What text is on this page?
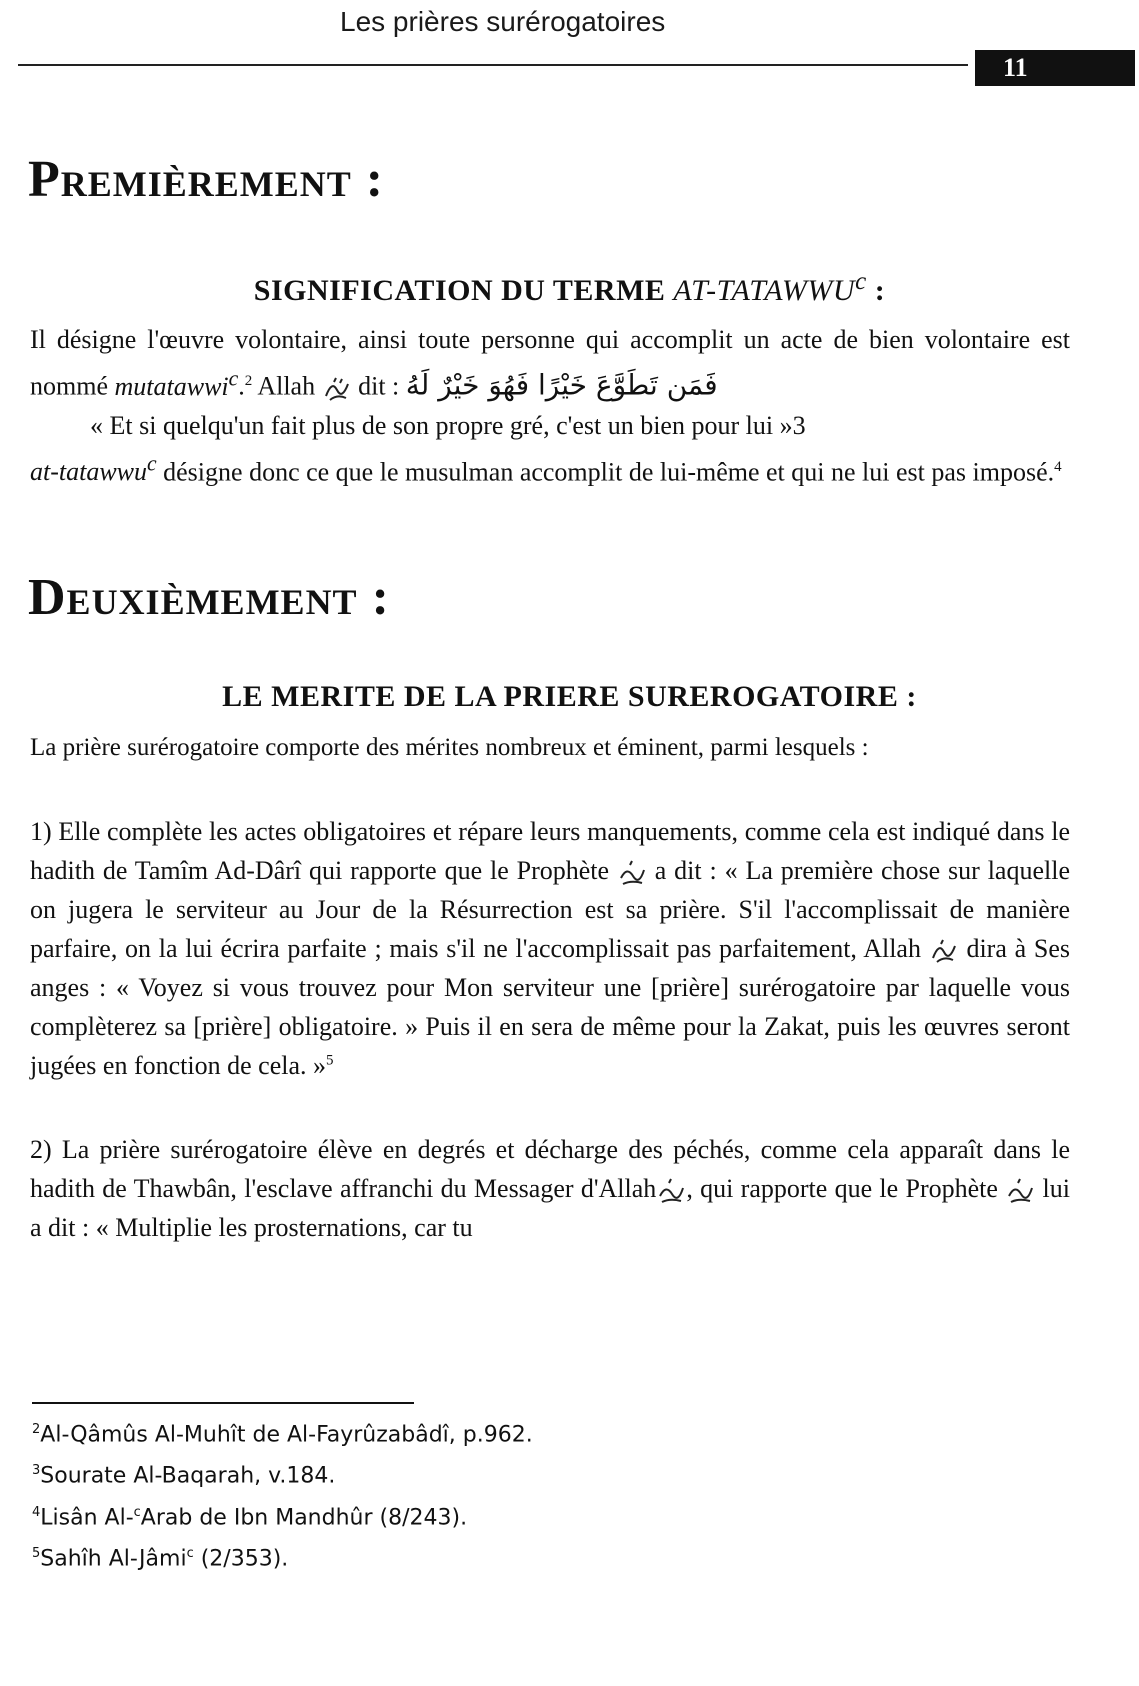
Les prières surérogatoires
11
Premièrement :
SIGNIFICATION DU TERME AT-TATAWWU$^c$ :
Il désigne l'œuvre volontaire, ainsi toute personne qui accomplit un acte de bien volontaire est nommé mutatawwi$^c$.$^2$ Allah  dit : فَمَن تَطَوَّعَ خَيْرًا فَهُوَ خَيْرٌ لَهُ
« Et si quelqu'un fait plus de son propre gré, c'est un bien pour lui »3
at-tatawwu$^c$ désigne donc ce que le musulman accomplit de lui-même et qui ne lui est pas imposé.$^4$
Deuxièmement :
LE MERITE DE LA PRIERE SUREROGATOIRE :
La prière surérogatoire comporte des mérites nombreux et éminent, parmi lesquels :
1) Elle complète les actes obligatoires et répare leurs manquements, comme cela est indiqué dans le hadith de Tamîm Ad-Dârî qui rapporte que le Prophète  a dit : « La première chose sur laquelle on jugera le serviteur au Jour de la Résurrection est sa prière. S'il l'accomplissait de manière parfaire, on la lui écrira parfaite ; mais s'il ne l'accomplissait pas parfaitement, Allah  dira à Ses anges : « Voyez si vous trouvez pour Mon serviteur une [prière] surérogatoire par laquelle vous complèterez sa [prière] obligatoire. » Puis il en sera de même pour la Zakat, puis les œuvres seront jugées en fonction de cela. »$^5$
2) La prière surérogatoire élève en degrés et décharge des péchés, comme cela apparaît dans le hadith de Thawbân, l'esclave affranchi du Messager d'Allah , qui rapporte que le Prophète  lui a dit : « Multiplie les prosternations, car tu
$^2$Al-Qâmûs Al-Muhît de Al-Fayrûzabâdî, p.962.
$^3$Sourate Al-Baqarah, v.184.
$^4$Lisân Al-$^c$Arab de Ibn Mandhûr (8/243).
$^5$Sahîh Al-Jâmi$^c$ (2/353).
